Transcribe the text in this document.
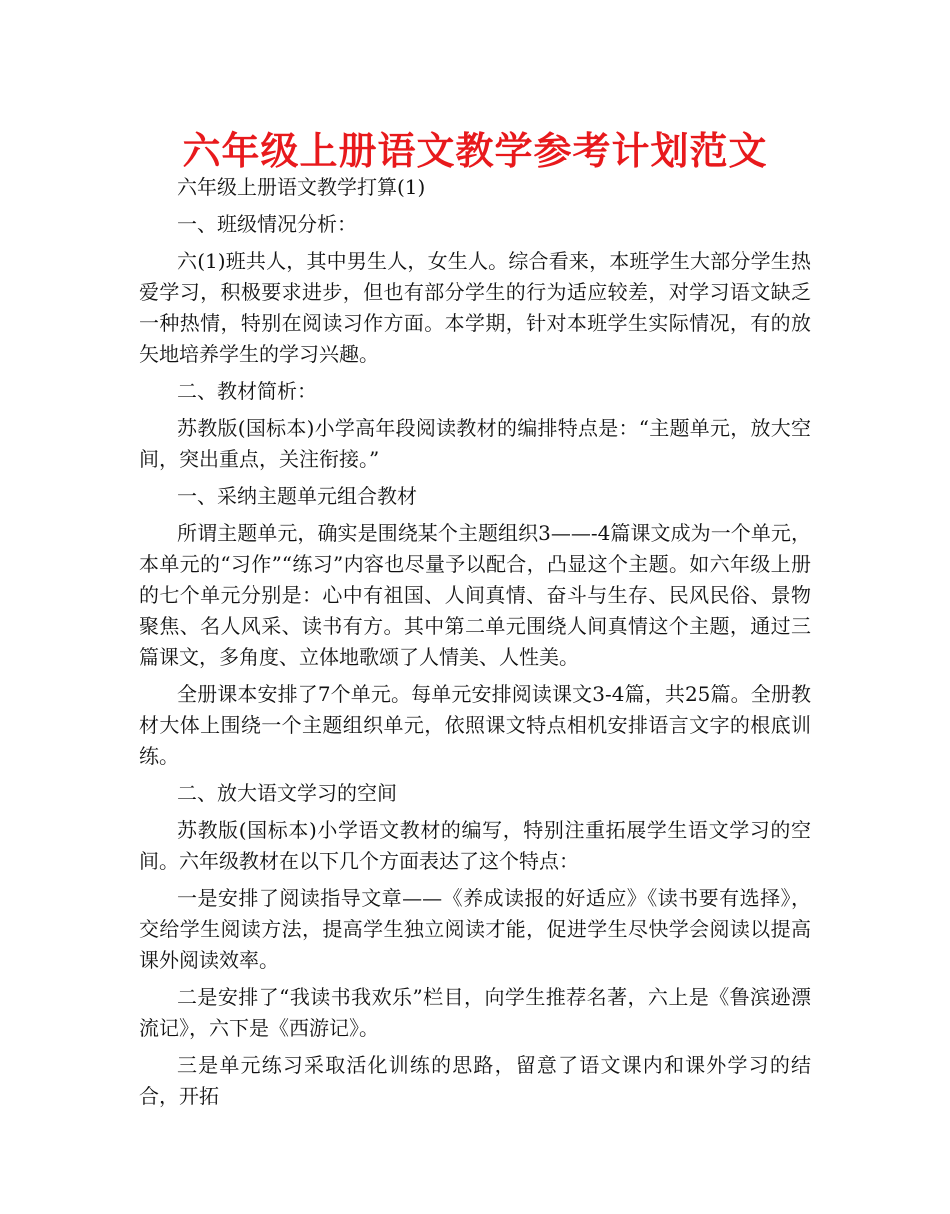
六年级上册语文教学参考计划范文

六年级上册语文教学打算(1)

一、班级情况分析：

六(1)班共人，其中男生人，女生人。综合看来，本班学生大部分学生热爱学习，积极要求进步，但也有部分学生的行为适应较差，对学习语文缺乏一种热情，特别在阅读习作方面。本学期，针对本班学生实际情况，有的放矢地培养学生的学习兴趣。

二、教材简析：

苏教版(国标本)小学高年段阅读教材的编排特点是：“主题单元，放大空间，突出重点，关注衔接。”

一、采纳主题单元组合教材

所谓主题单元，确实是围绕某个主题组织3——-4篇课文成为一个单元，本单元的“习作”“练习”内容也尽量予以配合，凸显这个主题。如六年级上册的七个单元分别是：心中有祖国、人间真情、奋斗与生存、民风民俗、景物聚焦、名人风采、读书有方。其中第二单元围绕人间真情这个主题，通过三篇课文，多角度、立体地歌颂了人情美、人性美。

全册课本安排了7个单元。每单元安排阅读课文3-4篇，共25篇。全册教材大体上围绕一个主题组织单元，依照课文特点相机安排语言文字的根底训练。

二、放大语文学习的空间

苏教版(国标本)小学语文教材的编写，特别注重拓展学生语文学习的空间。六年级教材在以下几个方面表达了这个特点：

一是安排了阅读指导文章——《养成读报的好适应》《读书要有选择》，交给学生阅读方法，提高学生独立阅读才能，促进学生尽快学会阅读以提高课外阅读效率。

二是安排了“我读书我欢乐”栏目，向学生推荐名著，六上是《鲁滨逊漂流记》，六下是《西游记》。

三是单元练习采取活化训练的思路，留意了语文课内和课外学习的结合，开拓
